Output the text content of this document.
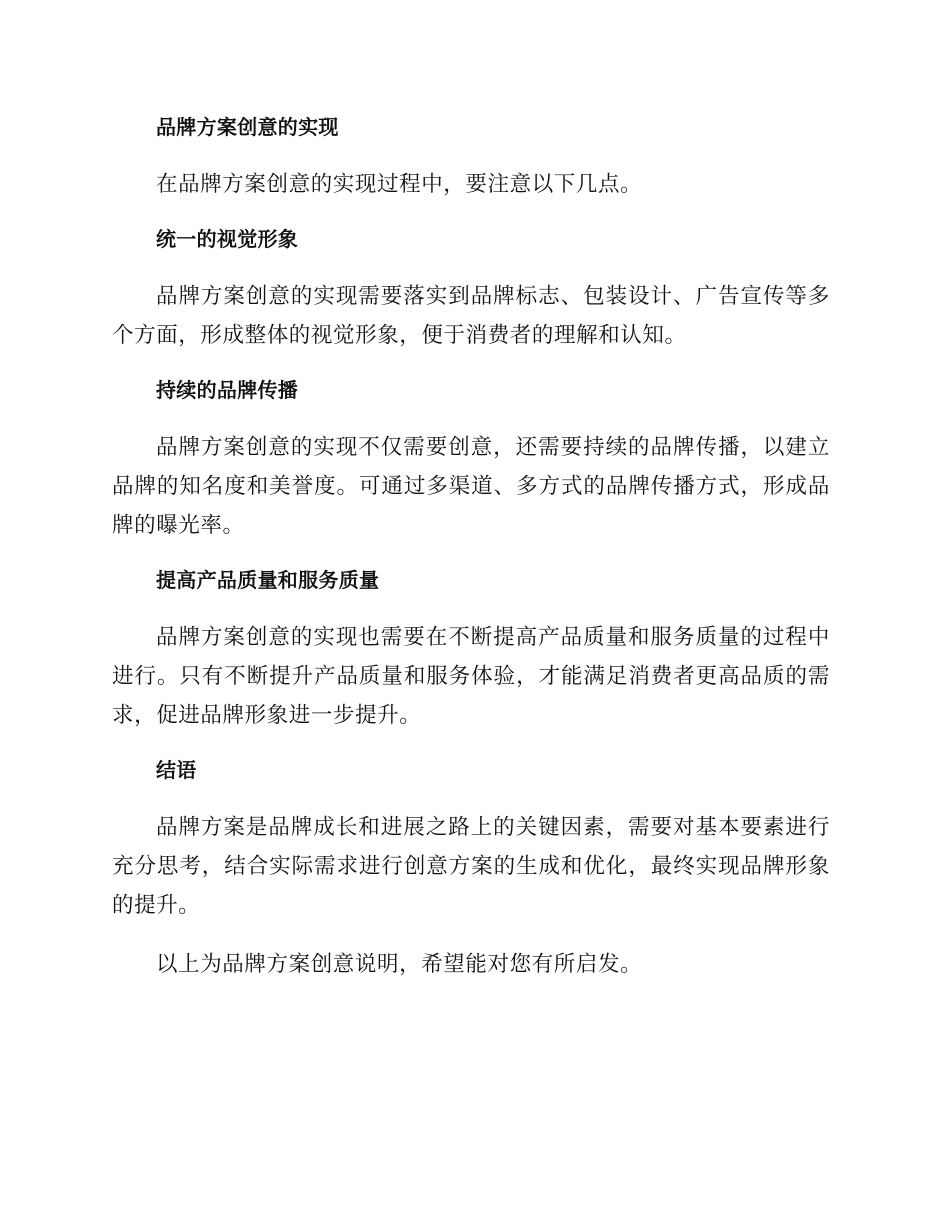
品牌方案创意的实现

在品牌方案创意的实现过程中，要注意以下几点。

统一的视觉形象

品牌方案创意的实现需要落实到品牌标志、包装设计、广告宣传等多个方面，形成整体的视觉形象，便于消费者的理解和认知。

持续的品牌传播

品牌方案创意的实现不仅需要创意，还需要持续的品牌传播，以建立品牌的知名度和美誉度。可通过多渠道、多方式的品牌传播方式，形成品牌的曝光率。

提高产品质量和服务质量

品牌方案创意的实现也需要在不断提高产品质量和服务质量的过程中进行。只有不断提升产品质量和服务体验，才能满足消费者更高品质的需求，促进品牌形象进一步提升。

结语

品牌方案是品牌成长和进展之路上的关键因素，需要对基本要素进行充分思考，结合实际需求进行创意方案的生成和优化，最终实现品牌形象的提升。

以上为品牌方案创意说明，希望能对您有所启发。
